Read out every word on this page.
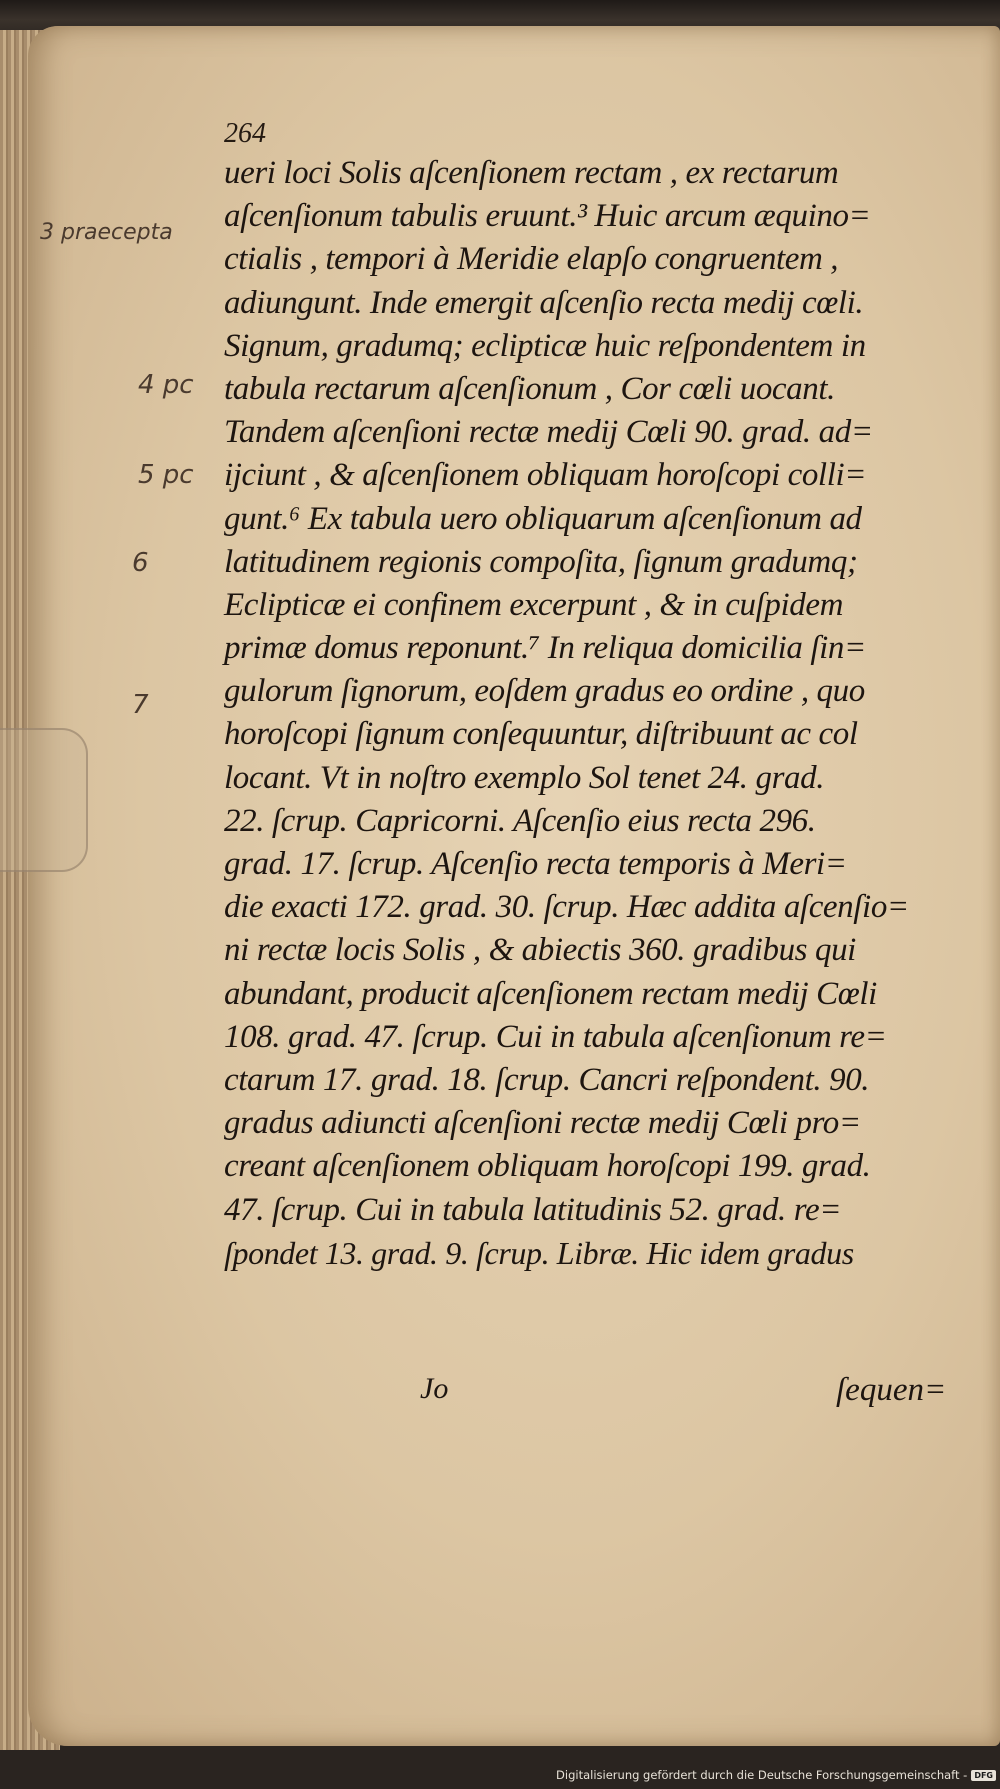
264
ueri loci Solis aſcenſionem rectam , ex rectarum
aſcenſionum tabulis eruunt.³ Huic arcum æquino=
ctialis , tempori à Meridie elapſo congruentem ,
adiungunt. Inde emergit aſcenſio recta medij cœli.
Signum, gradumq; eclipticæ huic reſpondentem in
tabula rectarum aſcenſionum , Cor cœli uocant.
Tandem aſcenſioni rectæ medij Cœli 90. grad. ad=
ijciunt , & aſcenſionem obliquam horoſcopi colli=
gunt.⁶ Ex tabula uero obliquarum aſcenſionum ad
latitudinem regionis compoſita, ſignum gradumq;
Eclipticæ ei confinem excerpunt , & in cuſpidem
primæ domus reponunt.⁷ In reliqua domicilia ſin=
gulorum ſignorum, eoſdem gradus eo ordine , quo
horoſcopi ſignum conſequuntur, diſtribuunt ac col
locant. Vt in noſtro exemplo Sol tenet 24. grad.
22. ſcrup. Capricorni. Aſcenſio eius recta 296.
grad. 17. ſcrup. Aſcenſio recta temporis à Meri=
die exacti 172. grad. 30. ſcrup. Hæc addita aſcenſio=
ni rectæ locis Solis , & abiectis 360. gradibus qui
abundant, producit aſcenſionem rectam medij Cœli
108. grad. 47. ſcrup. Cui in tabula aſcenſionum re=
ctarum 17. grad. 18. ſcrup. Cancri reſpondent. 90.
gradus adiuncti aſcenſioni rectæ medij Cœli pro=
creant aſcenſionem obliquam horoſcopi 199. grad.
47. ſcrup. Cui in tabula latitudinis 52. grad. re=
ſpondet 13. grad. 9. ſcrup. Libræ. Hic idem gradus
3 praecepta
4 pc
5 pc
6
7
Jo	ſequen=
Digitalisierung gefördert durch die Deutsche Forschungsgemeinschaft - DFG
